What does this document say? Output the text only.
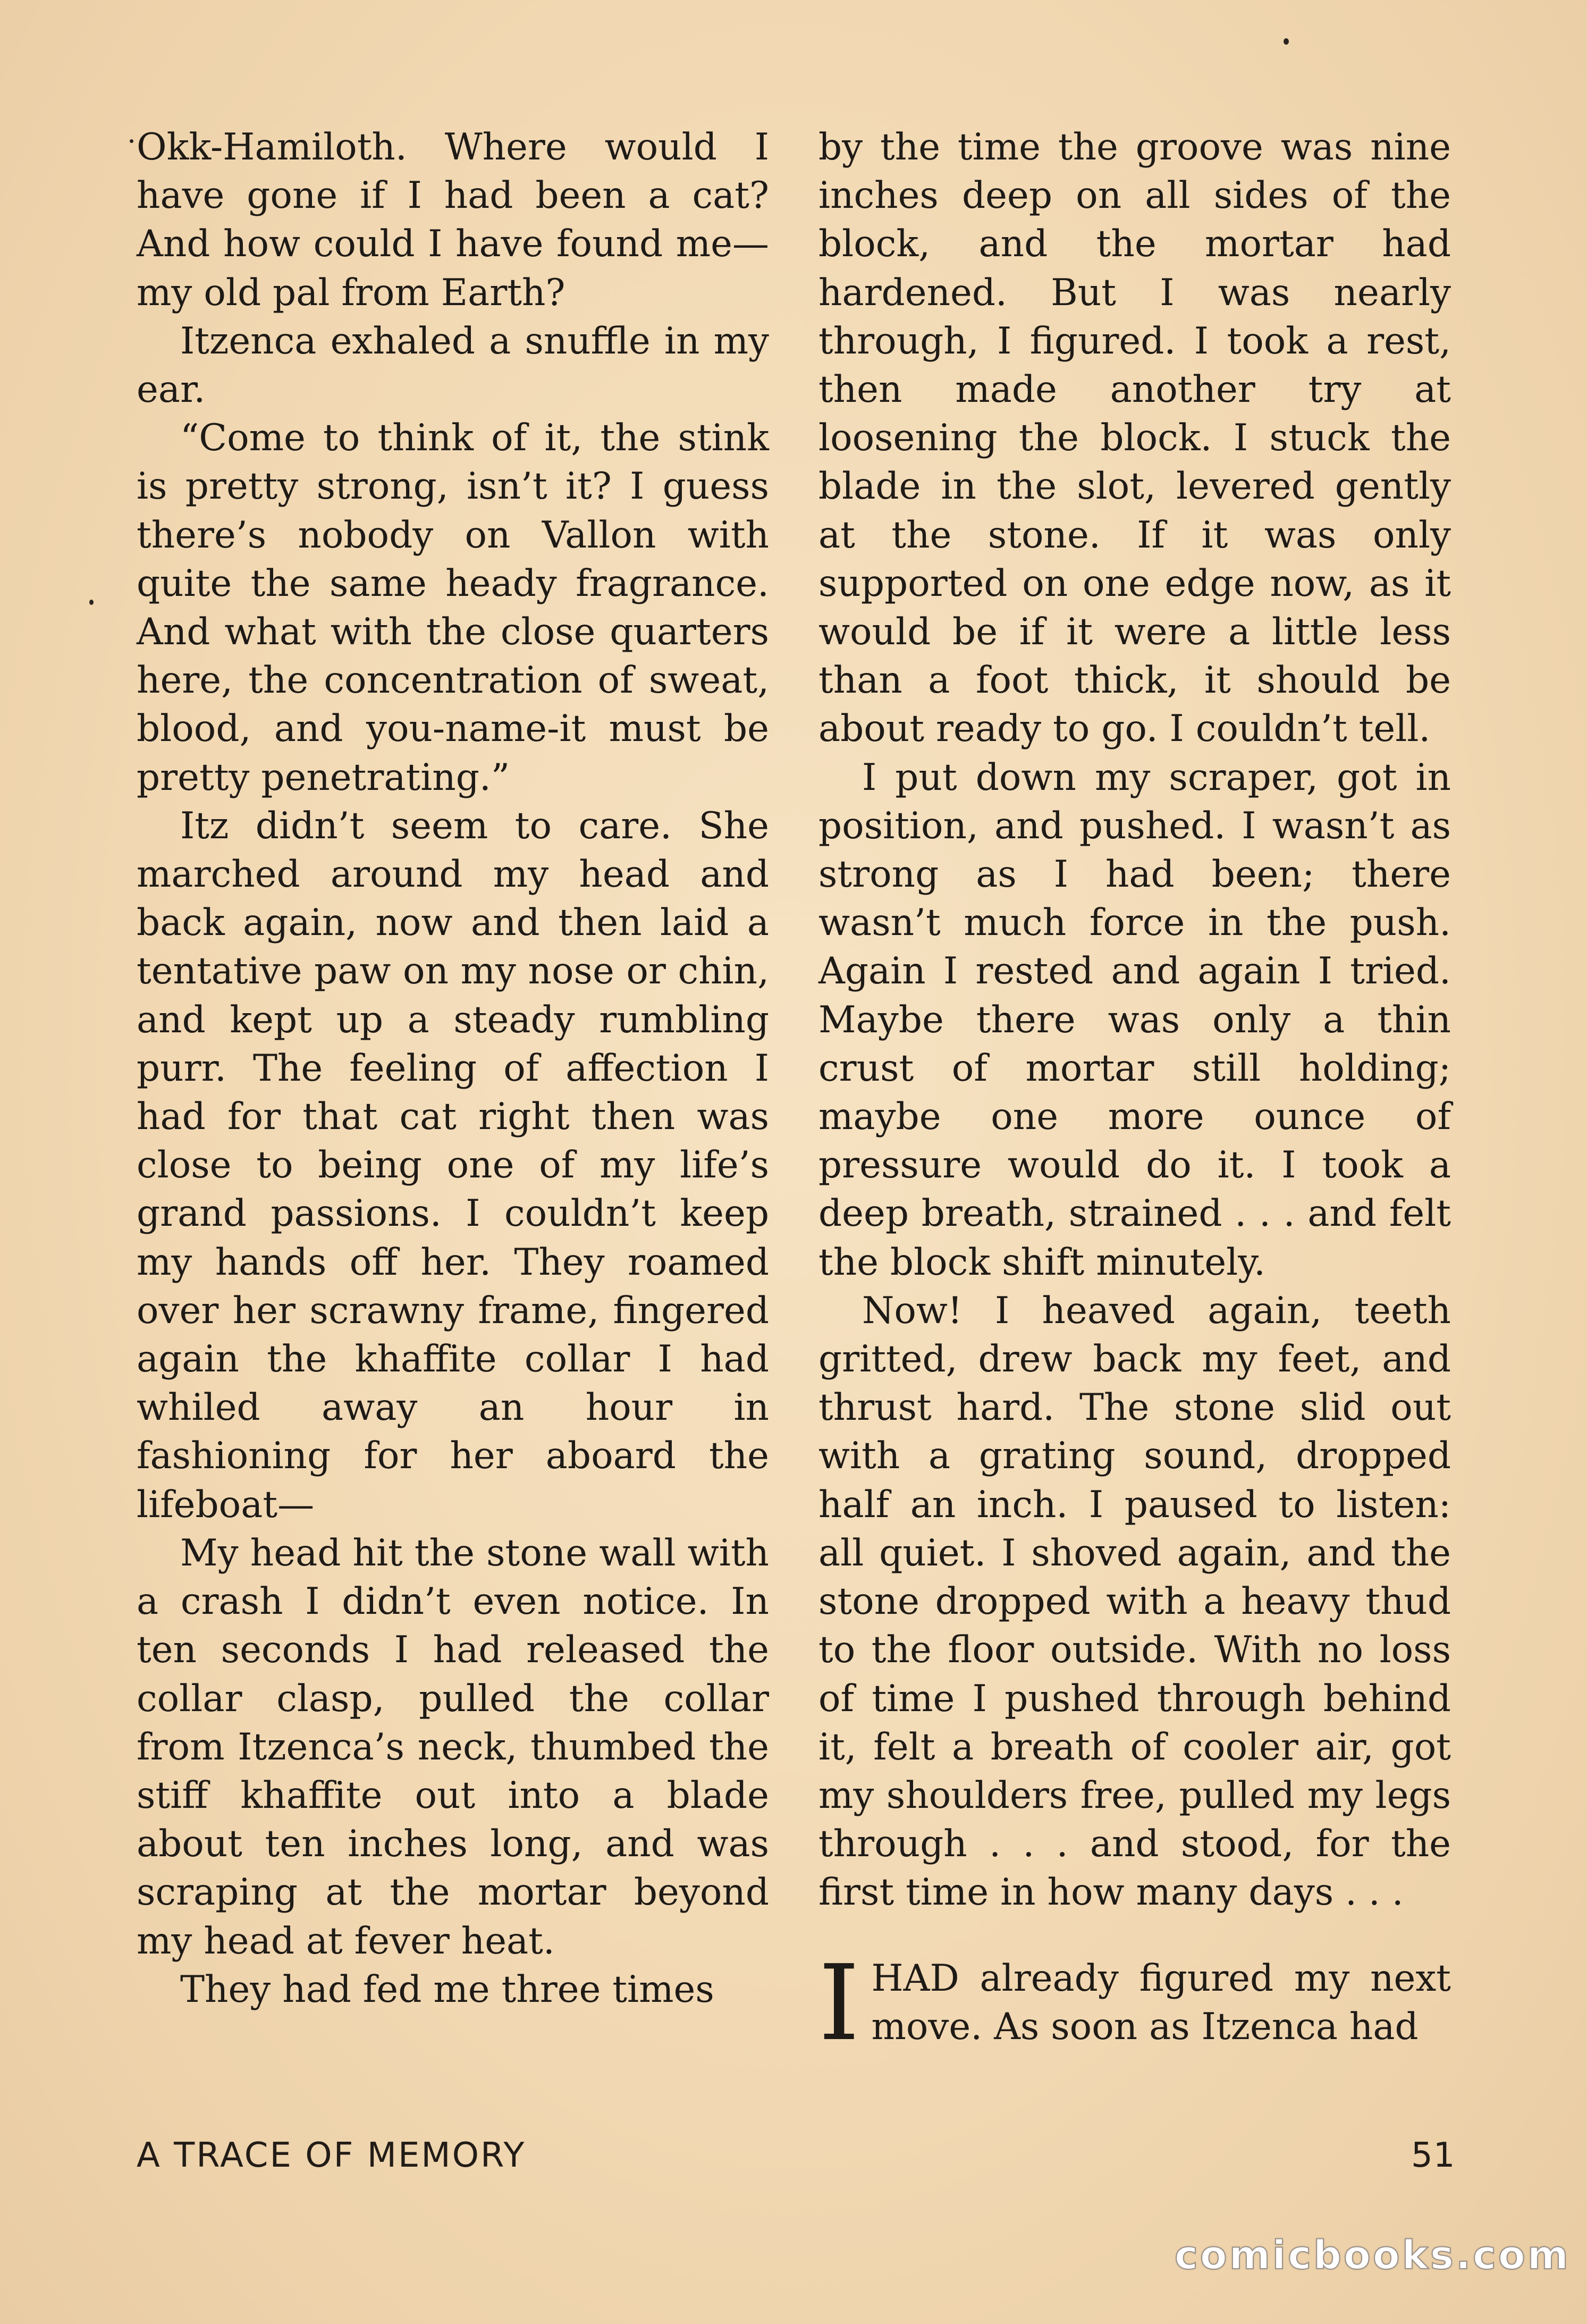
Okk-Hamiloth. Where would I have gone if I had been a cat? And how could I have found me—my old pal from Earth?

Itzenca exhaled a snuffle in my ear.

“Come to think of it, the stink is pretty strong, isn’t it? I guess there’s nobody on Vallon with quite the same heady fragrance. And what with the close quarters here, the concentration of sweat, blood, and you-name-it must be pretty penetrating.”

Itz didn’t seem to care. She marched around my head and back again, now and then laid a tentative paw on my nose or chin, and kept up a steady rumbling purr. The feeling of affection I had for that cat right then was close to being one of my life’s grand passions. I couldn’t keep my hands off her. They roamed over her scrawny frame, fingered again the khaffite collar I had whiled away an hour in fashioning for her aboard the lifeboat—

My head hit the stone wall with a crash I didn’t even notice. In ten seconds I had released the collar clasp, pulled the collar from Itzenca’s neck, thumbed the stiff khaffite out into a blade about ten inches long, and was scraping at the mortar beyond my head at fever heat.

They had fed me three times

by the time the groove was nine inches deep on all sides of the block, and the mortar had hardened. But I was nearly through, I figured. I took a rest, then made another try at loosening the block. I stuck the blade in the slot, levered gently at the stone. If it was only supported on one edge now, as it would be if it were a little less than a foot thick, it should be about ready to go. I couldn’t tell.

I put down my scraper, got in position, and pushed. I wasn’t as strong as I had been; there wasn’t much force in the push. Again I rested and again I tried. Maybe there was only a thin crust of mortar still holding; maybe one more ounce of pressure would do it. I took a deep breath, strained . . . and felt the block shift minutely.

Now! I heaved again, teeth gritted, drew back my feet, and thrust hard. The stone slid out with a grating sound, dropped half an inch. I paused to listen: all quiet. I shoved again, and the stone dropped with a heavy thud to the floor outside. With no loss of time I pushed through behind it, felt a breath of cooler air, got my shoulders free, pulled my legs through . . . and stood, for the first time in how many days . . .

I HAD already figured my next move. As soon as Itzenca had

A TRACE OF MEMORY	51
comicbooks.com
